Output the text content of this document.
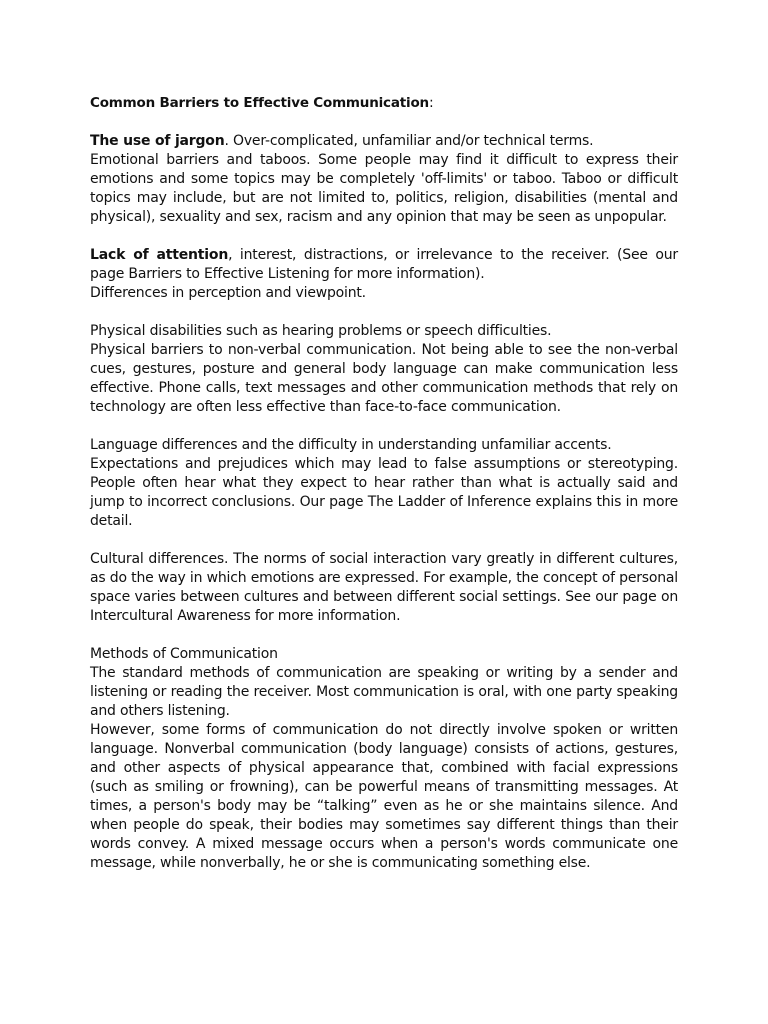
Common Barriers to Effective Communication:

The use of jargon. Over-complicated, unfamiliar and/or technical terms.

Emotional barriers and taboos. Some people may find it difficult to express their emotions and some topics may be completely 'off-limits' or taboo. Taboo or difficult topics may include, but are not limited to, politics, religion, disabilities (mental and physical), sexuality and sex, racism and any opinion that may be seen as unpopular.

Lack of attention, interest, distractions, or irrelevance to the receiver. (See our page Barriers to Effective Listening for more information).

Differences in perception and viewpoint.

Physical disabilities such as hearing problems or speech difficulties.

Physical barriers to non-verbal communication. Not being able to see the non-verbal cues, gestures, posture and general body language can make communication less effective. Phone calls, text messages and other communication methods that rely on technology are often less effective than face-to-face communication.

Language differences and the difficulty in understanding unfamiliar accents.

Expectations and prejudices which may lead to false assumptions or stereotyping. People often hear what they expect to hear rather than what is actually said and jump to incorrect conclusions. Our page The Ladder of Inference explains this in more detail.

Cultural differences. The norms of social interaction vary greatly in different cultures, as do the way in which emotions are expressed. For example, the concept of personal space varies between cultures and between different social settings. See our page on Intercultural Awareness for more information.

Methods of Communication

The standard methods of communication are speaking or writing by a sender and listening or reading the receiver. Most communication is oral, with one party speaking and others listening.

However, some forms of communication do not directly involve spoken or written language. Nonverbal communication (body language) consists of actions, gestures, and other aspects of physical appearance that, combined with facial expressions (such as smiling or frowning), can be powerful means of transmitting messages. At times, a person's body may be “talking” even as he or she maintains silence. And when people do speak, their bodies may sometimes say different things than their words convey. A mixed message occurs when a person's words communicate one message, while nonverbally, he or she is communicating something else.
